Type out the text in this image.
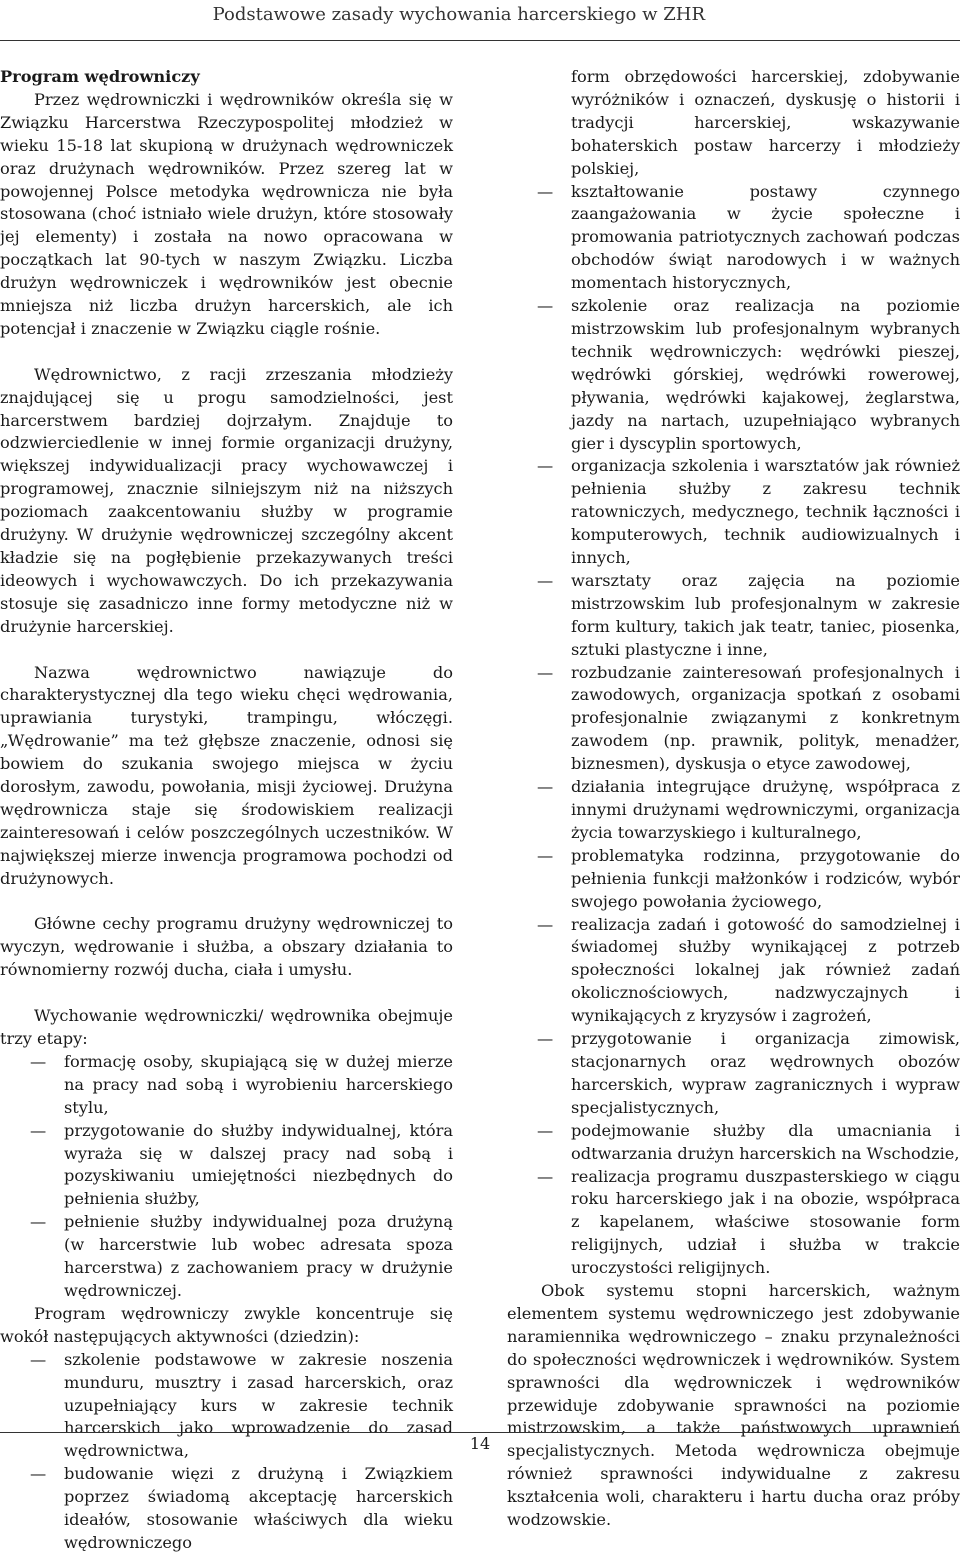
Podstawowe zasady wychowania harcerskiego w ZHR

Program wędrowniczy

Przez wędrowniczki i wędrowników określa się w Związku Harcerstwa Rzeczypospolitej młodzież w wieku 15-18 lat skupioną w drużynach wędrowniczek oraz drużynach wędrowników. Przez szereg lat w powojennej Polsce metodyka wędrownicza nie była stosowana (choć istniało wiele drużyn, które stosowały jej elementy) i została na nowo opracowana w początkach lat 90-tych w naszym Związku. Liczba drużyn wędrowniczek i wędrowników jest obecnie mniejsza niż liczba drużyn harcerskich, ale ich potencjał i znaczenie w Związku ciągle rośnie.

Wędrownictwo, z racji zrzeszania młodzieży znajdującej się u progu samodzielności, jest harcerstwem bardziej dojrzałym. Znajduje to odzwierciedlenie w innej formie organizacji drużyny, większej indywidualizacji pracy wychowawczej i programowej, znacznie silniejszym niż na niższych poziomach zaakcentowaniu służby w programie drużyny. W drużynie wędrowniczej szczególny akcent kładzie się na pogłębienie przekazywanych treści ideowych i wychowawczych. Do ich przekazywania stosuje się zasadniczo inne formy metodyczne niż w drużynie harcerskiej.

Nazwa wędrownictwo nawiązuje do charakterystycznej dla tego wieku chęci wędrowania, uprawiania turystyki, trampingu, włóczęgi. „Wędrowanie” ma też głębsze znaczenie, odnosi się bowiem do szukania swojego miejsca w życiu dorosłym, zawodu, powołania, misji życiowej. Drużyna wędrownicza staje się środowiskiem realizacji zainteresowań i celów poszczególnych uczestników. W największej mierze inwencja programowa pochodzi od drużynowych.

Główne cechy programu drużyny wędrowniczej to wyczyn, wędrowanie i służba, a obszary działania to równomierny rozwój ducha, ciała i umysłu.

Wychowanie wędrowniczki/ wędrownika obejmuje trzy etapy:

— formację osoby, skupiającą się w dużej mierze na pracy nad sobą i wyrobieniu harcerskiego stylu,
— przygotowanie do służby indywidualnej, która wyraża się w dalszej pracy nad sobą i pozyskiwaniu umiejętności niezbędnych do pełnienia służby,
— pełnienie służby indywidualnej poza drużyną (w harcerstwie lub wobec adresata spoza harcerstwa) z zachowaniem pracy w drużynie wędrowniczej.

Program wędrowniczy zwykle koncentruje się wokół następujących aktywności (dziedzin):

— szkolenie podstawowe w zakresie noszenia munduru, musztry i zasad harcerskich, oraz uzupełniający kurs w zakresie technik harcerskich jako wprowadzenie do zasad wędrownictwa,
— budowanie więzi z drużyną i Związkiem poprzez świadomą akceptację harcerskich ideałów, stosowanie właściwych dla wieku wędrowniczego

form obrzędowości harcerskiej, zdobywanie wyróżników i oznaczeń, dyskusję o historii i tradycji harcerskiej, wskazywanie bohaterskich postaw harcerzy i młodzieży polskiej,

— kształtowanie postawy czynnego zaangażowania w życie społeczne i promowania patriotycznych zachowań podczas obchodów świąt narodowych i w ważnych momentach historycznych,
— szkolenie oraz realizacja na poziomie mistrzowskim lub profesjonalnym wybranych technik wędrowniczych: wędrówki pieszej, wędrówki górskiej, wędrówki rowerowej, pływania, wędrówki kajakowej, żeglarstwa, jazdy na nartach, uzupełniająco wybranych gier i dyscyplin sportowych,
— organizacja szkolenia i warsztatów jak również pełnienia służby z zakresu technik ratowniczych, medycznego, technik łączności i komputerowych, technik audiowizualnych i innych,
— warsztaty oraz zajęcia na poziomie mistrzowskim lub profesjonalnym w zakresie form kultury, takich jak teatr, taniec, piosenka, sztuki plastyczne i inne,
— rozbudzanie zainteresowań profesjonalnych i zawodowych, organizacja spotkań z osobami profesjonalnie związanymi z konkretnym zawodem (np. prawnik, polityk, menadżer, biznesmen), dyskusja o etyce zawodowej,
— działania integrujące drużynę, współpraca z innymi drużynami wędrowniczymi, organizacja życia towarzyskiego i kulturalnego,
— problematyka rodzinna, przygotowanie do pełnienia funkcji małżonków i rodziców, wybór swojego powołania życiowego,
— realizacja zadań i gotowość do samodzielnej i świadomej służby wynikającej z potrzeb społeczności lokalnej jak również zadań okolicznościowych, nadzwyczajnych i wynikających z kryzysów i zagrożeń,
— przygotowanie i organizacja zimowisk, stacjonarnych oraz wędrownych obozów harcerskich, wypraw zagranicznych i wypraw specjalistycznych,
— podejmowanie służby dla umacniania i odtwarzania drużyn harcerskich na Wschodzie,
— realizacja programu duszpasterskiego w ciągu roku harcerskiego jak i na obozie, współpraca z kapelanem, właściwe stosowanie form religijnych, udział i służba w trakcie uroczystości religijnych.

Obok systemu stopni harcerskich, ważnym elementem systemu wędrowniczego jest zdobywanie naramiennika wędrowniczego – znaku przynależności do społeczności wędrowniczek i wędrowników. System sprawności dla wędrowniczek i wędrowników przewiduje zdobywanie sprawności na poziomie mistrzowskim, a także państwowych uprawnień specjalistycznych. Metoda wędrownicza obejmuje również sprawności indywidualne z zakresu kształcenia woli, charakteru i hartu ducha oraz próby wodzowskie.

14
